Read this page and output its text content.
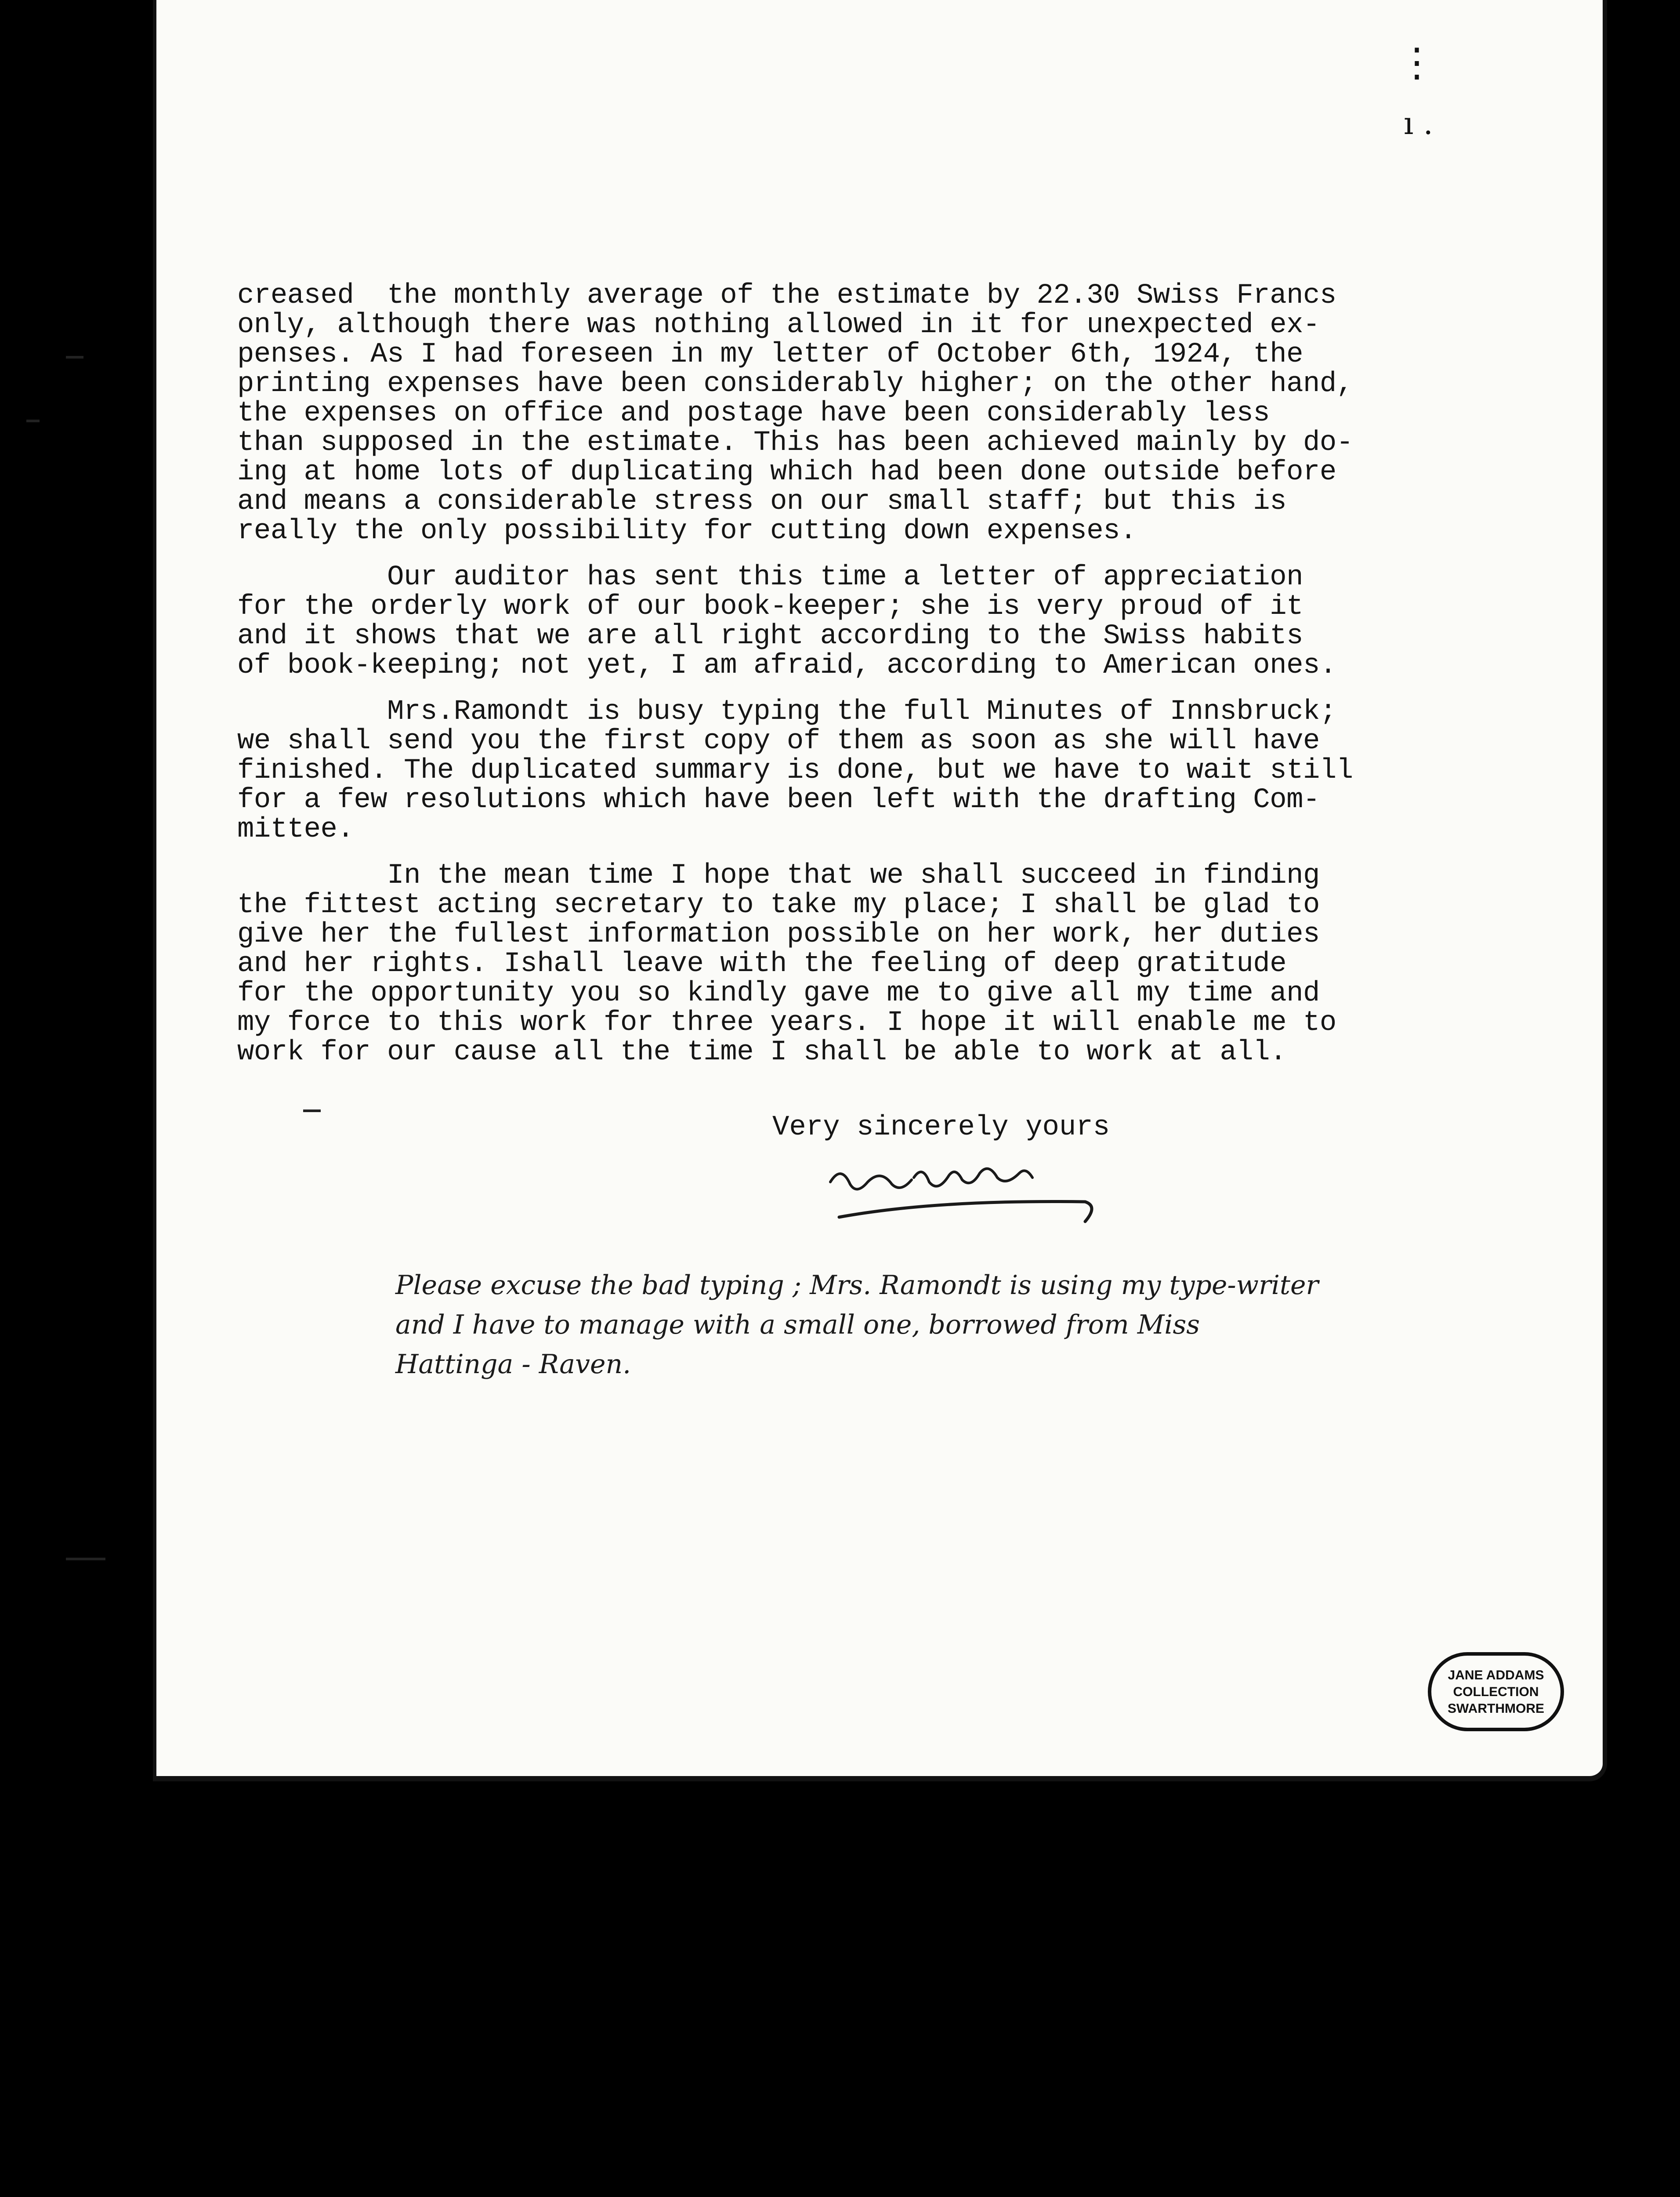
⋮
ı .
creased  the monthly average of the estimate by 22.30 Swiss Francs
only, although there was nothing allowed in it for unexpected ex-
penses. As I had foreseen in my letter of October 6th, 1924, the
printing expenses have been considerably higher; on the other hand,
the expenses on office and postage have been considerably less
than supposed in the estimate. This has been achieved mainly by do-
ing at home lots of duplicating which had been done outside before
and means a considerable stress on our small staff; but this is
really the only possibility for cutting down expenses.
Our auditor has sent this time a letter of appreciation
for the orderly work of our book-keeper; she is very proud of it
and it shows that we are all right according to the Swiss habits
of book-keeping; not yet, I am afraid, according to American ones.
Mrs.Ramondt is busy typing the full Minutes of Innsbruck;
we shall send you the first copy of them as soon as she will have
finished. The duplicated summary is done, but we have to wait still
for a few resolutions which have been left with the drafting Com-
mittee.
In the mean time I hope that we shall succeed in finding
the fittest acting secretary to take my place; I shall be glad to
give her the fullest information possible on her work, her duties
and her rights. Ishall leave with the feeling of deep gratitude
for the opportunity you so kindly gave me to give all my time and
my force to this work for three years. I hope it will enable me to
work for our cause all the time I shall be able to work at all.
Very sincerely yours
Please excuse the bad typing ; Mrs. Ramondt is using my type-writer
and I have to manage with a small one, borrowed from Miss
Hattinga - Raven.
JANE ADDAMS
COLLECTION
SWARTHMORE
